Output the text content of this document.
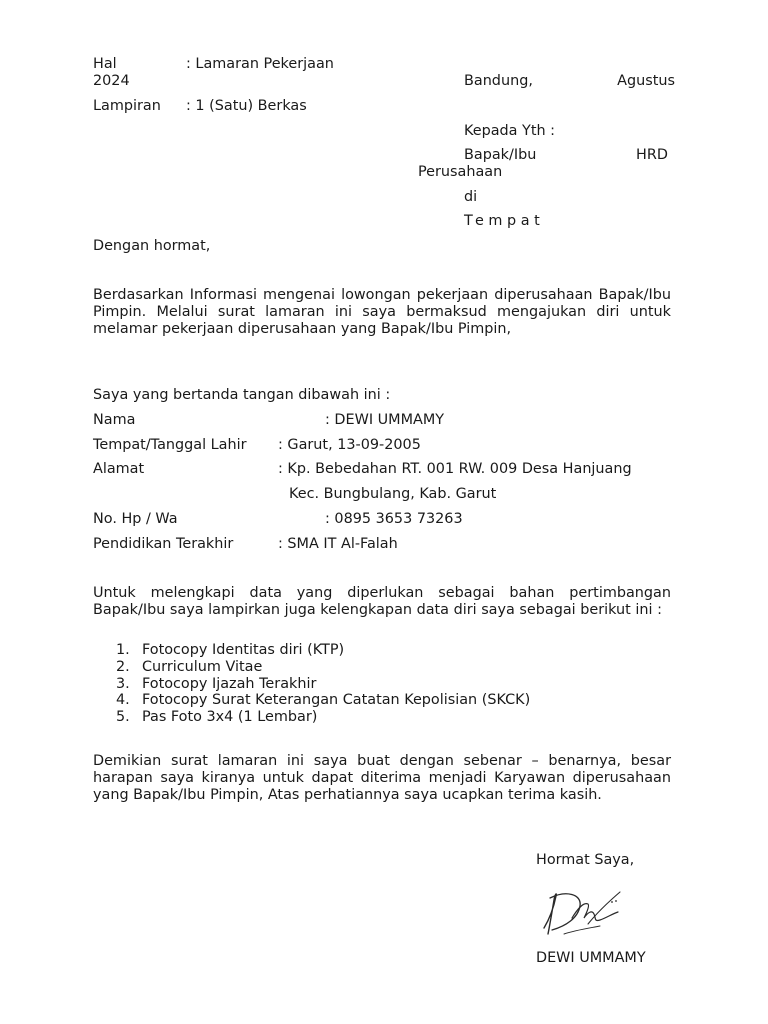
Hal	: Lamaran Pekerjaan
Bandung,	Agustus
2024
Lampiran : 1 (Satu) Berkas
Kepada Yth :
Bapak/Ibu	HRD
Perusahaan
di
Tempat
Dengan hormat,
Berdasarkan Informasi mengenai lowongan pekerjaan diperusahaan Bapak/Ibu Pimpin. Melalui surat lamaran ini saya bermaksud mengajukan diri untuk melamar pekerjaan diperusahaan yang Bapak/Ibu Pimpin,
Saya yang bertanda tangan dibawah ini :
Nama	: DEWI UMMAMY
Tempat/Tanggal Lahir : Garut, 13-09-2005
Alamat	: Kp. Bebedahan RT. 001 RW. 009 Desa Hanjuang
Kec. Bungbulang, Kab. Garut
No. Hp / Wa	: 0895 3653 73263
Pendidikan Terakhir	: SMA IT Al-Falah
Untuk melengkapi data yang diperlukan sebagai bahan pertimbangan Bapak/Ibu saya lampirkan juga kelengkapan data diri saya sebagai berikut ini :
1. Fotocopy Identitas diri (KTP)
2. Curriculum Vitae
3. Fotocopy Ijazah Terakhir
4. Fotocopy Surat Keterangan Catatan Kepolisian (SKCK)
5. Pas Foto 3x4 (1 Lembar)
Demikian surat lamaran ini saya buat dengan sebenar – benarnya, besar harapan saya kiranya untuk dapat diterima menjadi Karyawan diperusahaan yang Bapak/Ibu Pimpin, Atas perhatiannya saya ucapkan terima kasih.
Hormat Saya,
DEWI UMMAMY
